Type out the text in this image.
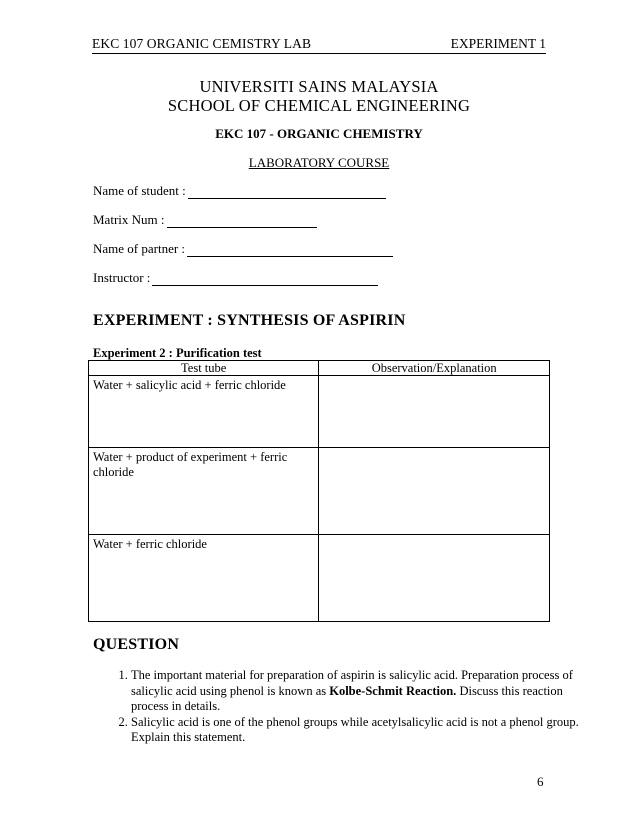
EKC 107 ORGANIC CEMISTRY LAB	EXPERIMENT 1
UNIVERSITI SAINS MALAYSIA
SCHOOL OF CHEMICAL ENGINEERING
EKC 107 - ORGANIC CHEMISTRY
LABORATORY COURSE
Name of student :
Matrix Num :
Name of partner :
Instructor :
EXPERIMENT : SYNTHESIS OF ASPIRIN
Experiment 2 : Purification test
Test tube	Observation/Explanation
Water + salicylic acid + ferric chloride	
Water + product of experiment + ferric chloride	
Water + ferric chloride	
QUESTION
1. The important material for preparation of aspirin is salicylic acid. Preparation process of salicylic acid using phenol is known as Kolbe-Schmit Reaction. Discuss this reaction process in details.
2. Salicylic acid is one of the phenol groups while acetylsalicylic acid is not a phenol group. Explain this statement.
6
